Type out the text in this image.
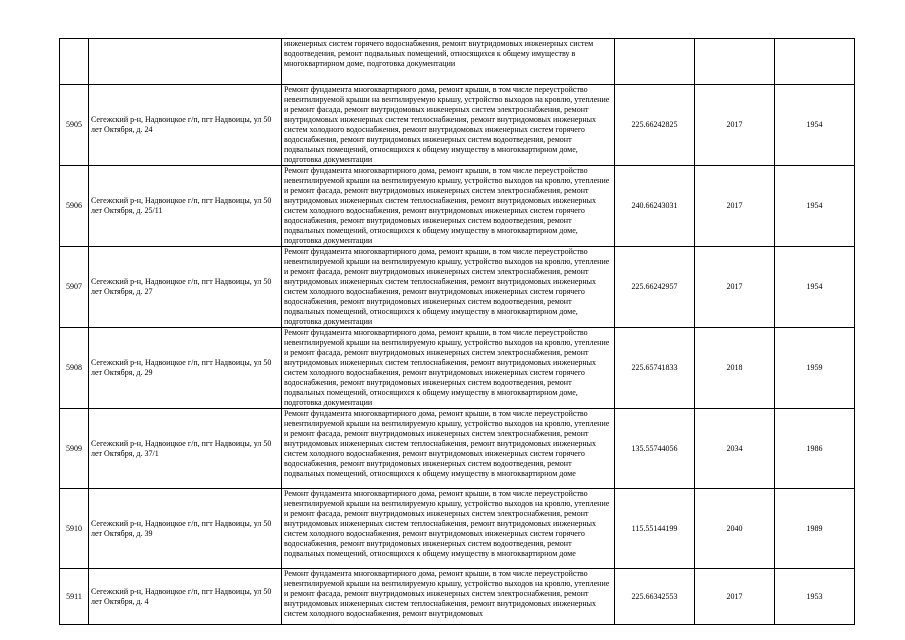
		инженерных систем горячего водоснабжения, ремонт внутридомовых инженерных систем водоотведения, ремонт подвальных помещений, относящихся к общему имуществу в многоквартирном доме, подготовка документации			
5905	Сегежский р-н, Надвоицкое г/п, пгт Надвоицы, ул 50 лет Октября, д. 24	Ремонт фундамента многоквартирного дома, ремонт крыши, в том числе переустройство невентилируемой крыши на вентилируемую крышу, устройство выходов на кровлю, утепление и ремонт фасада, ремонт внутридомовых инженерных систем электроснабжения, ремонт внутридомовых инженерных систем теплоснабжения, ремонт внутридомовых инженерных систем холодного водоснабжения, ремонт внутридомовых инженерных систем горячего водоснабжения, ремонт внутридомовых инженерных систем водоотведения, ремонт подвальных помещений, относящихся к общему имуществу в многоквартирном доме, подготовка документации	225.66242825	2017	1954
5906	Сегежский р-н, Надвоицкое г/п, пгт Надвоицы, ул 50 лет Октября, д. 25/11	Ремонт фундамента многоквартирного дома, ремонт крыши, в том числе переустройство невентилируемой крыши на вентилируемую крышу, устройство выходов на кровлю, утепление и ремонт фасада, ремонт внутридомовых инженерных систем электроснабжения, ремонт внутридомовых инженерных систем теплоснабжения, ремонт внутридомовых инженерных систем холодного водоснабжения, ремонт внутридомовых инженерных систем горячего водоснабжения, ремонт внутридомовых инженерных систем водоотведения, ремонт подвальных помещений, относящихся к общему имуществу в многоквартирном доме, подготовка документации	240.66243031	2017	1954
5907	Сегежский р-н, Надвоицкое г/п, пгт Надвоицы, ул 50 лет Октября, д. 27	Ремонт фундамента многоквартирного дома, ремонт крыши, в том числе переустройство невентилируемой крыши на вентилируемую крышу, устройство выходов на кровлю, утепление и ремонт фасада, ремонт внутридомовых инженерных систем электроснабжения, ремонт внутридомовых инженерных систем теплоснабжения, ремонт внутридомовых инженерных систем холодного водоснабжения, ремонт внутридомовых инженерных систем горячего водоснабжения, ремонт внутридомовых инженерных систем водоотведения, ремонт подвальных помещений, относящихся к общему имуществу в многоквартирном доме, подготовка документации	225.66242957	2017	1954
5908	Сегежский р-н, Надвоицкое г/п, пгт Надвоицы, ул 50 лет Октября, д. 29	Ремонт фундамента многоквартирного дома, ремонт крыши, в том числе переустройство невентилируемой крыши на вентилируемую крышу, устройство выходов на кровлю, утепление и ремонт фасада, ремонт внутридомовых инженерных систем электроснабжения, ремонт внутридомовых инженерных систем теплоснабжения, ремонт внутридомовых инженерных систем холодного водоснабжения, ремонт внутридомовых инженерных систем горячего водоснабжения, ремонт внутридомовых инженерных систем водоотведения, ремонт подвальных помещений, относящихся к общему имуществу в многоквартирном доме, подготовка документации	225.65741833	2018	1959
5909	Сегежский р-н, Надвоицкое г/п, пгт Надвоицы, ул 50 лет Октября, д. 37/1	Ремонт фундамента многоквартирного дома, ремонт крыши, в том числе переустройство невентилируемой крыши на вентилируемую крышу, устройство выходов на кровлю, утепление и ремонт фасада, ремонт внутридомовых инженерных систем электроснабжения, ремонт внутридомовых инженерных систем теплоснабжения, ремонт внутридомовых инженерных систем холодного водоснабжения, ремонт внутридомовых инженерных систем горячего водоснабжения, ремонт внутридомовых инженерных систем водоотведения, ремонт подвальных помещений, относящихся к общему имуществу в многоквартирном доме	135.55744056	2034	1986
5910	Сегежский р-н, Надвоицкое г/п, пгт Надвоицы, ул 50 лет Октября, д. 39	Ремонт фундамента многоквартирного дома, ремонт крыши, в том числе переустройство невентилируемой крыши на вентилируемую крышу, устройство выходов на кровлю, утепление и ремонт фасада, ремонт внутридомовых инженерных систем электроснабжения, ремонт внутридомовых инженерных систем теплоснабжения, ремонт внутридомовых инженерных систем холодного водоснабжения, ремонт внутридомовых инженерных систем горячего водоснабжения, ремонт внутридомовых инженерных систем водоотведения, ремонт подвальных помещений, относящихся к общему имуществу в многоквартирном доме	115.55144199	2040	1989
5911	Сегежский р-н, Надвоицкое г/п, пгт Надвоицы, ул 50 лет Октября, д. 4	Ремонт фундамента многоквартирного дома, ремонт крыши, в том числе переустройство невентилируемой крыши на вентилируемую крышу, устройство выходов на кровлю, утепление и ремонт фасада, ремонт внутридомовых инженерных систем электроснабжения, ремонт внутридомовых инженерных систем теплоснабжения, ремонт внутридомовых инженерных систем холодного водоснабжения, ремонт внутридомовых	225.66342553	2017	1953
